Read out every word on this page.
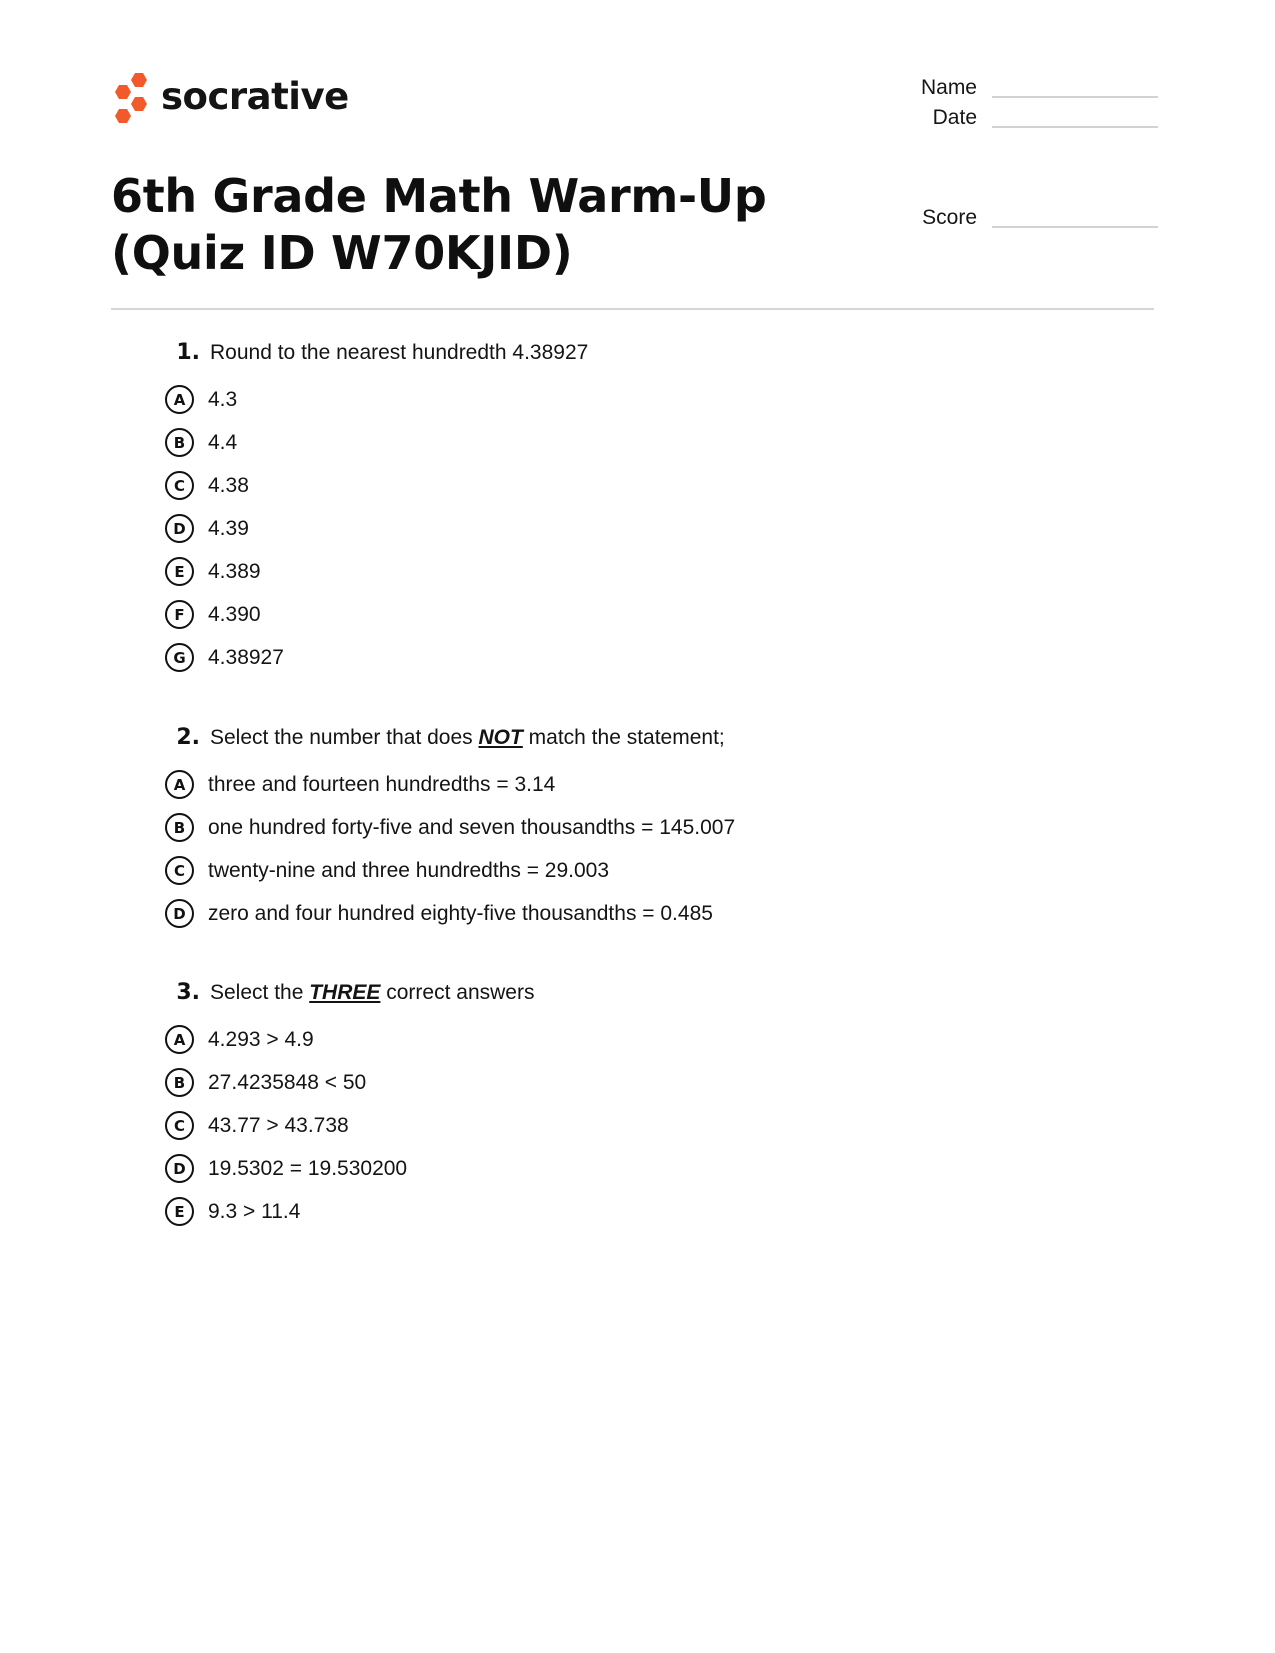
socrative
6th Grade Math Warm-Up (Quiz ID W70KJID)
Name
Date
Score
1. Round to the nearest hundredth 4.38927
A	4.3
B	4.4
C	4.38
D	4.39
E	4.389
F	4.390
G	4.38927
2. Select the number that does NOT match the statement;
A	three and fourteen hundredths = 3.14
B	one hundred forty-five and seven thousandths = 145.007
C	twenty-nine and three hundredths = 29.003
D	zero and four hundred eighty-five thousandths = 0.485
3. Select the THREE correct answers
A	4.293 > 4.9
B	27.4235848 < 50
C	43.77 > 43.738
D	19.5302 = 19.530200
E	9.3 > 11.4
